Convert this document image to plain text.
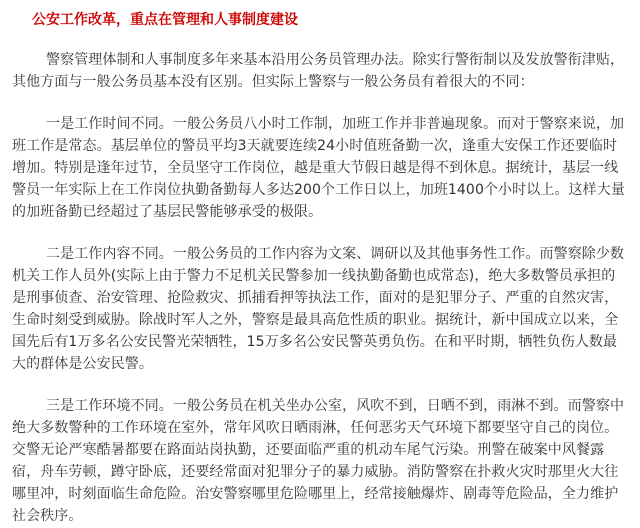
公安工作改革，重点在管理和人事制度建设

警察管理体制和人事制度多年来基本沿用公务员管理办法。除实行警衔制以及发放警衔津贴，其他方面与一般公务员基本没有区别。但实际上警察与一般公务员有着很大的不同：

一是工作时间不同。一般公务员八小时工作制，加班工作并非普遍现象。而对于警察来说，加班工作是常态。基层单位的警员平均3天就要连续24小时值班备勤一次，逢重大安保工作还要临时增加。特别是逢年过节，全员坚守工作岗位，越是重大节假日越是得不到休息。据统计，基层一线警员一年实际上在工作岗位执勤备勤每人多达200个工作日以上，加班1400个小时以上。这样大量的加班备勤已经超过了基层民警能够承受的极限。

二是工作内容不同。一般公务员的工作内容为文案、调研以及其他事务性工作。而警察除少数机关工作人员外(实际上由于警力不足机关民警参加一线执勤备勤也成常态)，绝大多数警员承担的是刑事侦查、治安管理、抢险救灾、抓捕看押等执法工作，面对的是犯罪分子、严重的自然灾害，生命时刻受到威胁。除战时军人之外，警察是最具高危性质的职业。据统计，新中国成立以来，全国先后有1万多名公安民警光荣牺牲，15万多名公安民警英勇负伤。在和平时期，牺牲负伤人数最大的群体是公安民警。

三是工作环境不同。一般公务员在机关坐办公室，风吹不到，日晒不到，雨淋不到。而警察中绝大多数警种的工作环境在室外，常年风吹日晒雨淋，任何恶劣天气环境下都要坚守自己的岗位。交警无论严寒酷暑都要在路面站岗执勤，还要面临严重的机动车尾气污染。刑警在破案中风餐露宿，舟车劳顿，蹲守卧底，还要经常面对犯罪分子的暴力威胁。消防警察在扑救火灾时那里火大往哪里冲，时刻面临生命危险。治安警察哪里危险哪里上，经常接触爆炸、剧毒等危险品，全力维护社会秩序。
